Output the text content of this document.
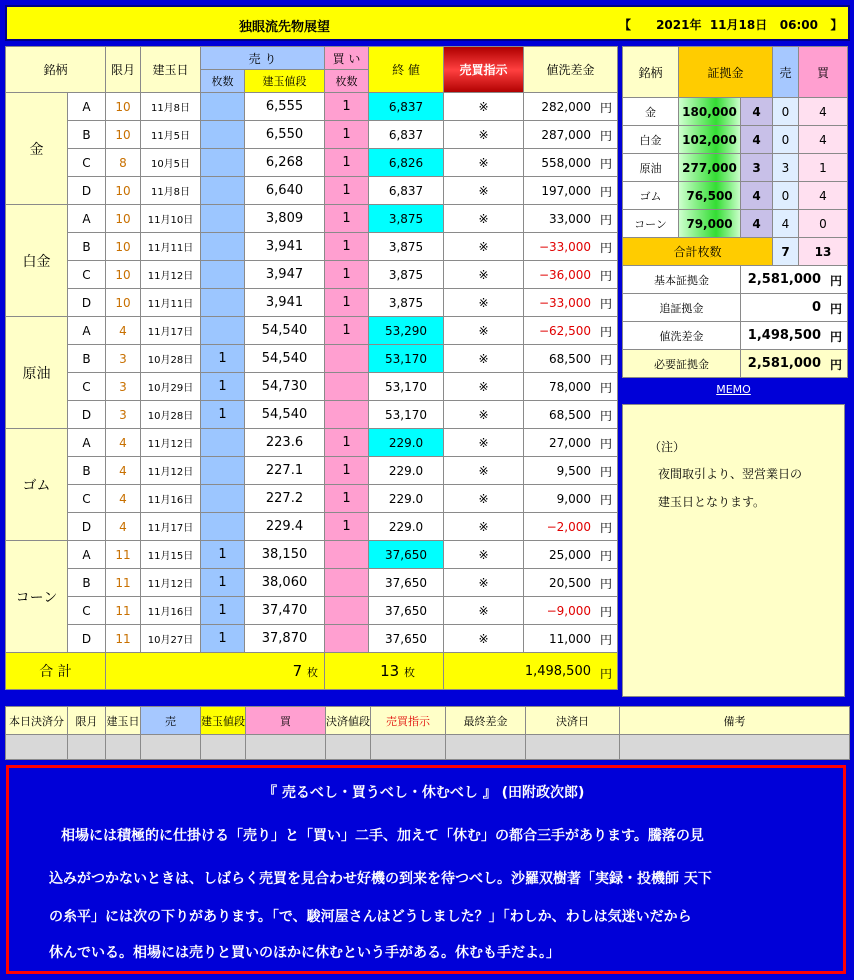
独眼流先物展望	【      2021年  11月18日   06:00   】
銘柄		限月	建玉日	売 り		買 い	終 値	売買指示	値洗差金
				枚数	建玉値段	枚数			
金	A	10	11月8日		6,555	1	6,837	※	282,000 円

	B	10	11月5日		6,550	1	6,837	※	287,000 円

	C	8	10月5日		6,268	1	6,826	※	558,000 円

	D	10	11月8日		6,640	1	6,837	※	197,000 円

白金	A	10	11月10日		3,809	1	3,875	※	33,000 円

	B	10	11月11日		3,941	1	3,875	※	−33,000 円

	C	10	11月12日		3,947	1	3,875	※	−36,000 円

	D	10	11月11日		3,941	1	3,875	※	−33,000 円

原油	A	4	11月17日		54,540	1	53,290	※	−62,500 円

	B	3	10月28日	1	54,540		53,170	※	68,500 円

	C	3	10月29日	1	54,730		53,170	※	78,000 円

	D	3	10月28日	1	54,540		53,170	※	68,500 円

ゴム	A	4	11月12日		223.6	1	229.0	※	27,000 円

	B	4	11月12日		227.1	1	229.0	※	9,500 円

	C	4	11月16日		227.2	1	229.0	※	9,000 円

	D	4	11月17日		229.4	1	229.0	※	−2,000 円

コーン	A	11	11月15日	1	38,150		37,650	※	25,000 円

	B	11	11月12日	1	38,060		37,650	※	20,500 円

	C	11	11月16日	1	37,470		37,650	※	−9,000 円

	D	11	10月27日	1	37,870		37,650	※	11,000 円

合 計		7 枚				13 枚		1,498,500 円	
銘柄	証拠金		売	買
金	180,000	4	0	4
白金	102,000	4	0	4
原油	277,000	3	3	1
ゴム	76,500	4	0	4
コーン	79,000	4	4	0
合計枚数			7	13
基本証拠金		2,581,000 円		

追証拠金		0 円		

値洗差金		1,498,500 円		

必要証拠金		2,581,000 円		
MEMO
（注）
夜間取引より、翌営業日の
建玉日となります。
本日決済分	限月	建玉日	売	建玉値段	買	決済値段	売買指示	最終差金	決済日	備考

『 売るべし・買うべし・休むべし 』 (田附政次郎)
相場には積極的に仕掛ける「売り」と「買い」二手、加えて「休む」の都合三手があります。騰落の見
込みがつかないときは、しばらく売買を見合わせ好機の到来を待つべし。沙羅双樹著「実録・投機師 天下
の糸平」には次の下りがあります。「で、駿河屋さんはどうしました？」「わしか、わしは気迷いだから
休んでいる。相場には売りと買いのほかに休むという手がある。休むも手だよ。」
